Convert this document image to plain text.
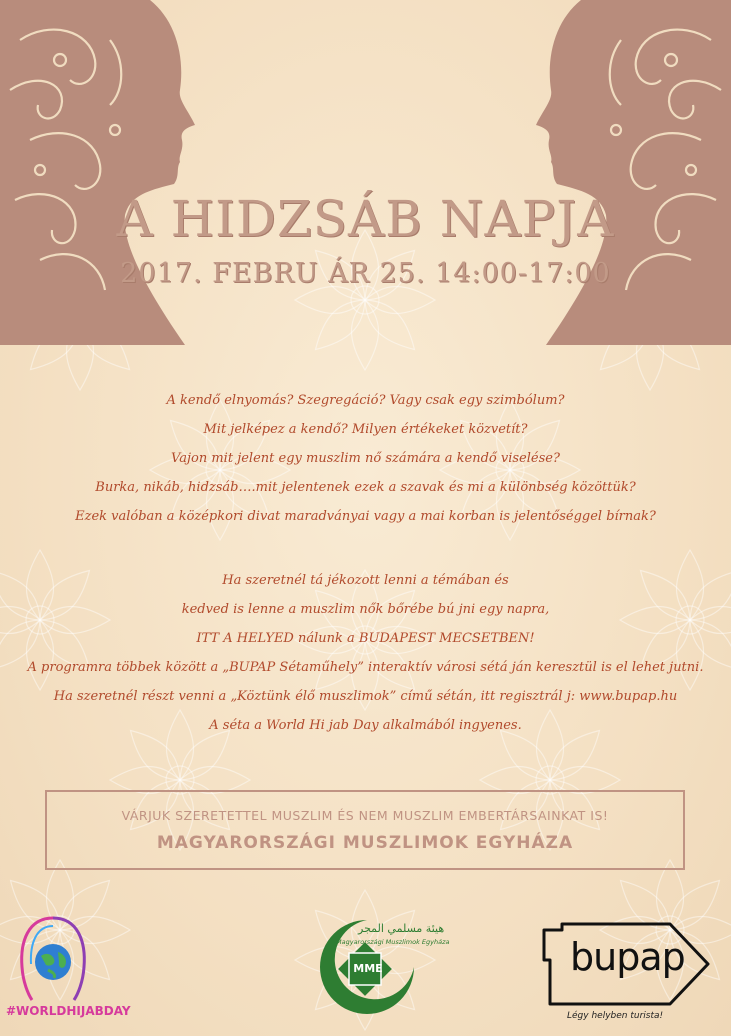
A HIDZSÁB NAPJA
2017. FEBRU ÁR 25. 14:00-17:00

A kendő elnyomás? Szegregáció? Vagy csak egy szimbólum?

Mit jelképez a kendő? Milyen értékeket közvetít?

Vajon mit jelent egy muszlim nő számára a kendő viselése?

Burka, nikáb, hidzsáb….mit jelentenek ezek a szavak és mi a különbség közöttük?

Ezek valóban a középkori divat maradványai vagy a mai korban is jelentőséggel bírnak?

Ha szeretnél tá jékozott lenni a témában és

kedved is lenne a muszlim nők bőrébe bú jni egy napra,

ITT A HELYED nálunk a BUDAPEST MECSETBEN!

A programra többek között a „BUPAP Sétaműhely” interaktív városi sétá ján keresztül is el lehet jutni.

Ha szeretnél részt venni a „Köztünk élő muszlimok” című sétán, itt regisztrál j: www.bupap.hu

A séta a World Hi jab Day alkalmából ingyenes.

VÁRJUK SZERETETTEL MUSZLIM ÉS NEM MUSZLIM EMBERTÁRSAINKAT IS!
MAGYARORSZÁGI MUSZLIMOK EGYHÁZA
#WORLDHIJABDAY
هيئة مسلمي المجر
Magyarországi Muszlimok Egyháza
MME	bupap
Légy helyben turista!
